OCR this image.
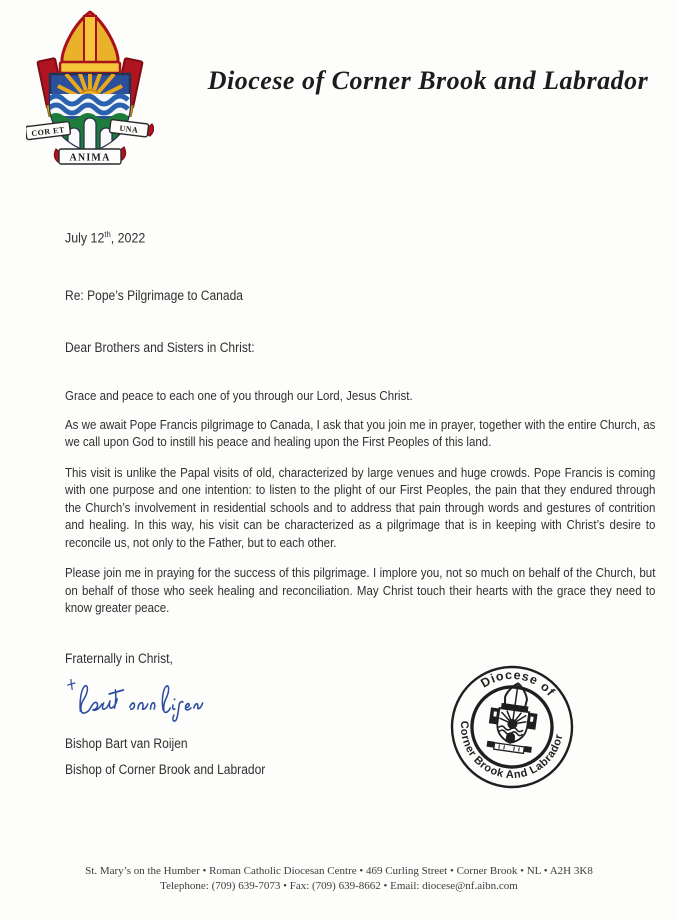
COR ET	UNA
ANIMA
Diocese of Corner Brook and Labrador

July 12th, 2022

Re: Pope’s Pilgrimage to Canada

Dear Brothers and Sisters in Christ:

Grace and peace to each one of you through our Lord, Jesus Christ.

As we await Pope Francis pilgrimage to Canada, I ask that you join me in prayer, together with the entire Church, as we call upon God to instill his peace and healing upon the First Peoples of this land.

This visit is unlike the Papal visits of old, characterized by large venues and huge crowds. Pope Francis is coming with one purpose and one intention: to listen to the plight of our First Peoples, the pain that they endured through the Church’s involvement in residential schools and to address that pain through words and gestures of contrition and healing. In this way, his visit can be characterized as a pilgrimage that is in keeping with Christ’s desire to reconcile us, not only to the Father, but to each other.

Please join me in praying for the success of this pilgrimage. I implore you, not so much on behalf of the Church, but on behalf of those who seek healing and reconciliation. May Christ touch their hearts with the grace they need to know greater peace.

Fraternally in Christ,

Bishop Bart van Roijen

Bishop of Corner Brook and Labrador

Diocese of
Corner Brook And Labrador
St. Mary’s on the Humber • Roman Catholic Diocesan Centre • 469 Curling Street • Corner Brook • NL • A2H 3K8
Telephone: (709) 639-7073 • Fax: (709) 639-8662 • Email: diocese@nf.aibn.com
